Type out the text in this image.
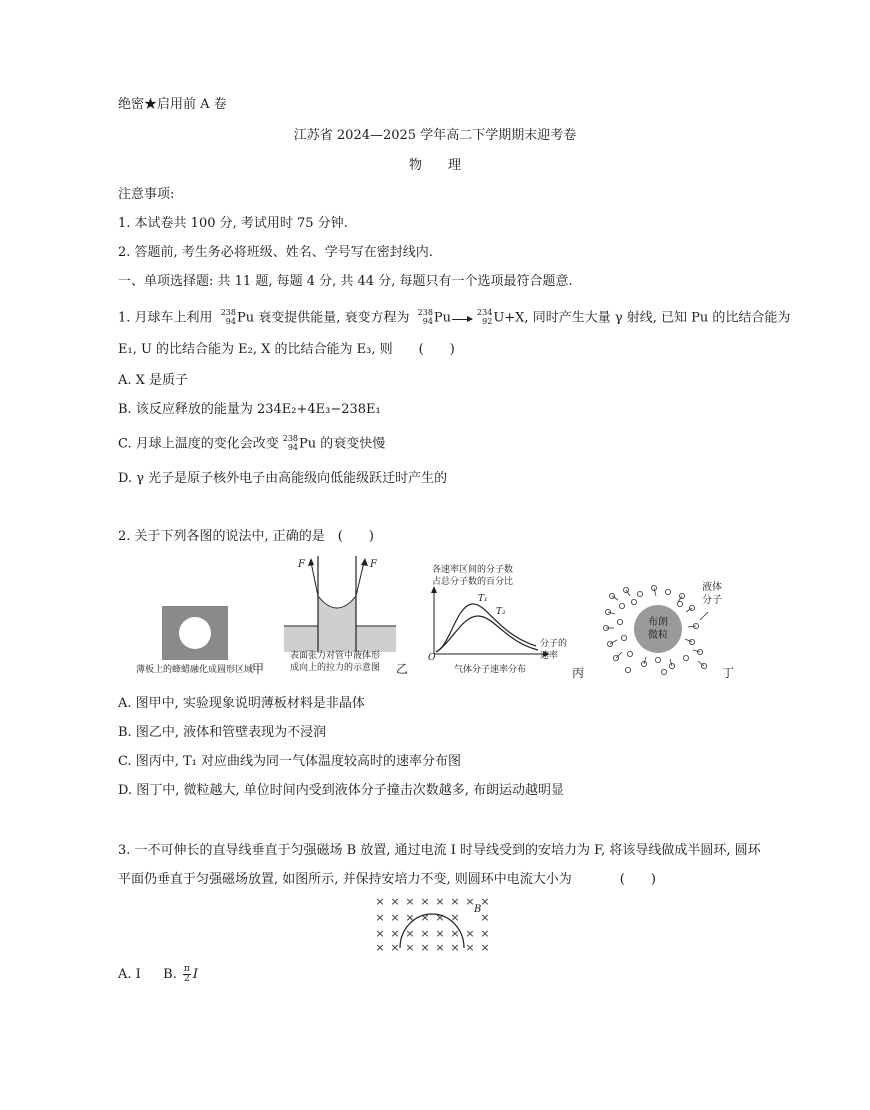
绝密★启用前 A 卷
江苏省 2024—2025 学年高二下学期期末迎考卷
物　　理
注意事项:
1. 本试卷共 100 分, 考试用时 75 分钟.
2. 答题前, 考生务必将班级、姓名、学号写在密封线内.
一、单项选择题: 共 11 题, 每题 4 分, 共 44 分, 每题只有一个选项最符合题意.
1. 月球车上利用 238
94 Pu 衰变提供能量, 衰变方程为 238
94 Pu→
234
92 U+X, 同时产生大量 γ 射线, 已知 Pu 的比结合能为
E₁, U 的比结合能为 E₂, X 的比结合能为 E₃, 则　　(　　)
A. X 是质子
B. 该反应释放的能量为 234E₂+4E₃−238E₁
C. 月球上温度的变化会改变 238
94 Pu 的衰变快慢
D. γ 光子是原子核外电子由高能级向低能级跃迁时产生的
2. 关于下列各图的说法中, 正确的是　(　　)
薄板上的蜂蜡融化成圆形区域
甲
F	F
表面张力对管中液体形
成向上的拉力的示意图 乙
各速率区间的分子数
占总分子数的百分比
T₁
T₂
分子的
速率
O
气体分子速率分布	丙
液体
分子
布朗
微粒
丁
A. 图甲中, 实验现象说明薄板材料是非晶体
B. 图乙中, 液体和管壁表现为不浸润
C. 图丙中, T₁ 对应曲线为同一气体温度较高时的速率分布图
D. 图丁中, 微粒越大, 单位时间内受到液体分子撞击次数越多, 布朗运动越明显
3. 一不可伸长的直导线垂直于匀强磁场 B 放置, 通过电流 I 时导线受到的安培力为 F, 将该导线做成半圆环, 圆环
平面仍垂直于匀强磁场放置, 如图所示, 并保持安培力不变, 则圆环中电流大小为	(　　)
× × × × × × × ×
× × × × × × ×
× × × × × × × ×
× × × × × × × ×
B
A. I B. $\frac{\pi}{2}$ I
